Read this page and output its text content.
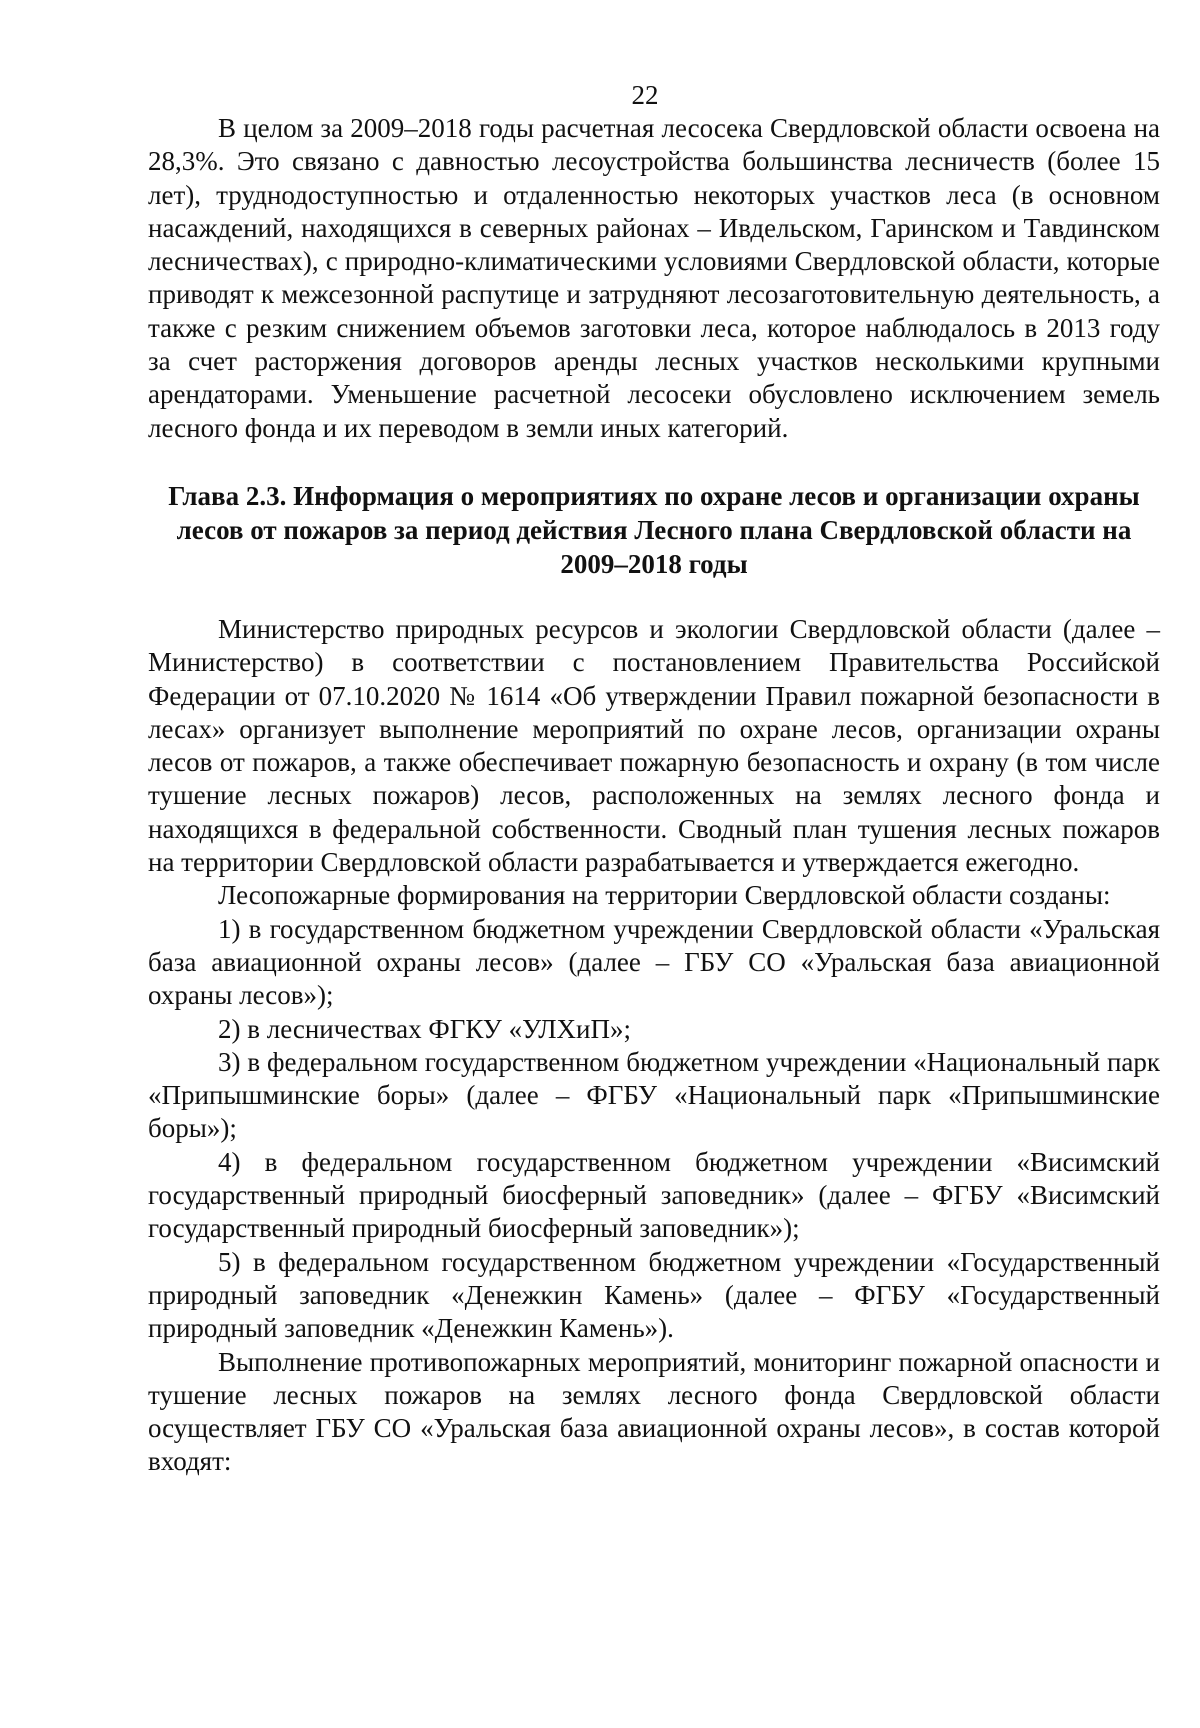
22

В целом за 2009–2018 годы расчетная лесосека Свердловской области освоена на 28,3%. Это связано с давностью лесоустройства большинства лесничеств (более 15 лет), труднодоступностью и отдаленностью некоторых участков леса (в основном насаждений, находящихся в северных районах – Ивдельском, Гаринском и Тавдинском лесничествах), с природно-климатическими условиями Свердловской области, которые приводят к межсезонной распутице и затрудняют лесозаготовительную деятельность, а также с резким снижением объемов заготовки леса, которое наблюдалось в 2013 году за счет расторжения договоров аренды лесных участков несколькими крупными арендаторами. Уменьшение расчетной лесосеки обусловлено исключением земель лесного фонда и их переводом в земли иных категорий.

Глава 2.3. Информация о мероприятиях по охране лесов и организации охраны лесов от пожаров за период действия Лесного плана Свердловской области на 2009–2018 годы

Министерство природных ресурсов и экологии Свердловской области (далее – Министерство) в соответствии с постановлением Правительства Российской Федерации от 07.10.2020 № 1614 «Об утверждении Правил пожарной безопасности в лесах» организует выполнение мероприятий по охране лесов, организации охраны лесов от пожаров, а также обеспечивает пожарную безопасность и охрану (в том числе тушение лесных пожаров) лесов, расположенных на землях лесного фонда и находящихся в федеральной собственности. Сводный план тушения лесных пожаров на территории Свердловской области разрабатывается и утверждается ежегодно.

Лесопожарные формирования на территории Свердловской области созданы:

1) в государственном бюджетном учреждении Свердловской области «Уральская база авиационной охраны лесов» (далее – ГБУ СО «Уральская база авиационной охраны лесов»);

2) в лесничествах ФГКУ «УЛХиП»;

3) в федеральном государственном бюджетном учреждении «Национальный парк «Припышминские боры» (далее – ФГБУ «Национальный парк «Припышминские боры»);

4) в федеральном государственном бюджетном учреждении «Висимский государственный природный биосферный заповедник» (далее – ФГБУ «Висимский государственный природный биосферный заповедник»);

5) в федеральном государственном бюджетном учреждении «Государственный природный заповедник «Денежкин Камень» (далее – ФГБУ «Государственный природный заповедник «Денежкин Камень»).

Выполнение противопожарных мероприятий, мониторинг пожарной опасности и тушение лесных пожаров на землях лесного фонда Свердловской области осуществляет ГБУ СО «Уральская база авиационной охраны лесов», в состав которой входят:
